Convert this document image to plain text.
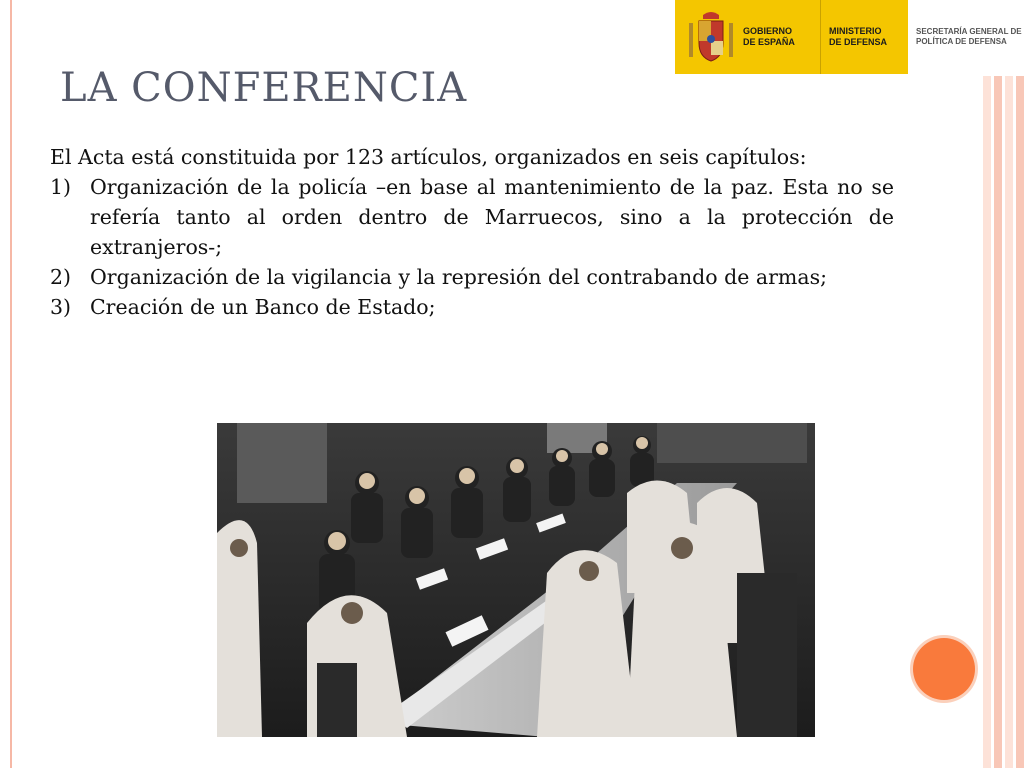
GOBIERNO
DE ESPAÑA
MINISTERIO
DE DEFENSA
SECRETARÍA GENERAL DE
POLÍTICA DE DEFENSA
LA CONFERENCIA

El Acta está constituida por 123 artículos, organizados en seis capítulos:

1) Organización de la policía –en base al mantenimiento de la paz. Esta no se refería tanto al orden dentro de Marruecos, sino a la protección de extranjeros-;
2) Organización de la vigilancia y la represión del contrabando de armas;
3) Creación de un Banco de Estado;
